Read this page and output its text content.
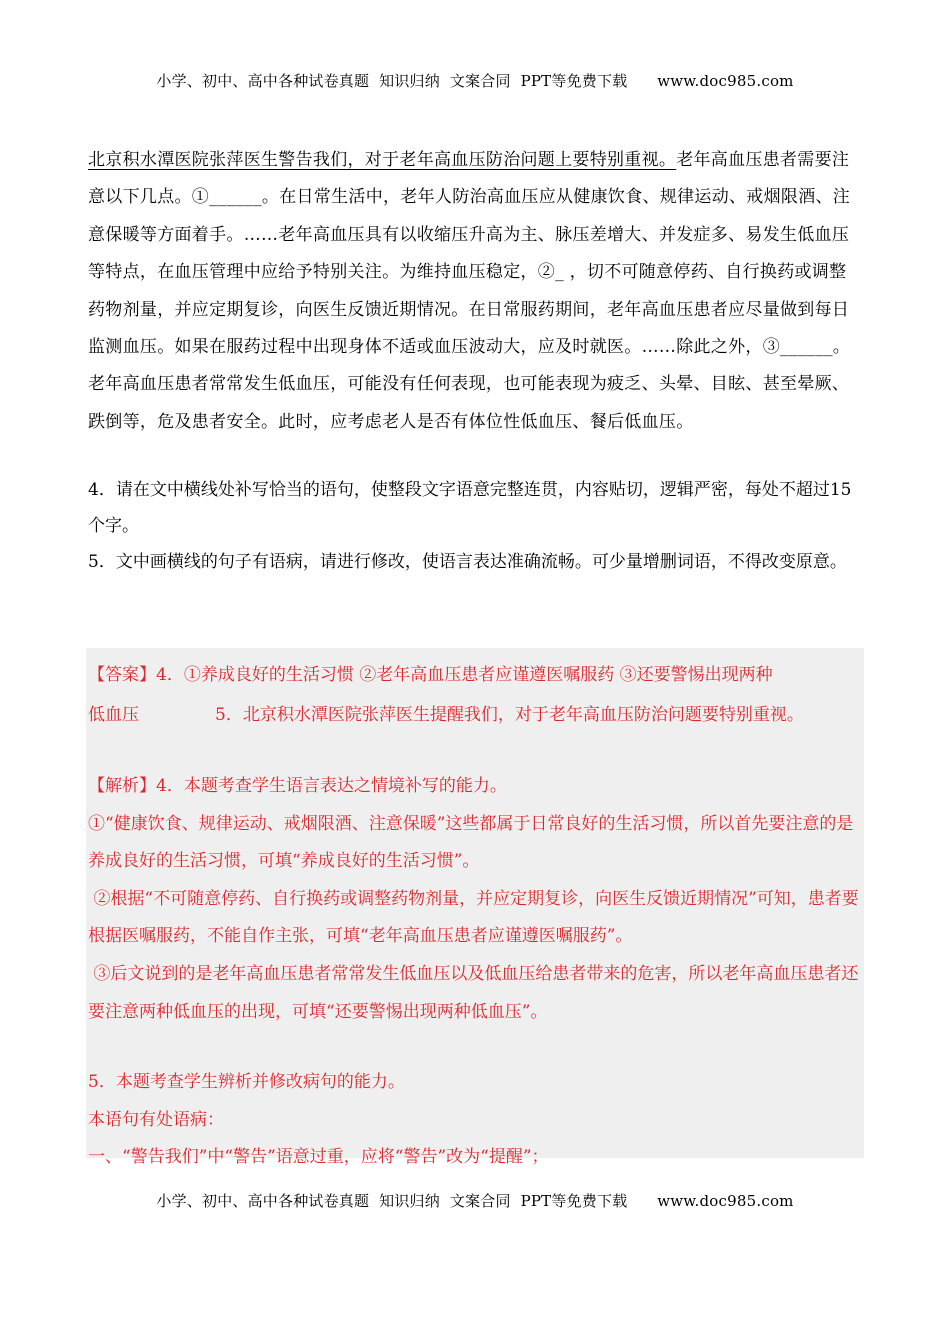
小学、初中、高中各种试卷真题  知识归纳  文案合同  PPT等免费下载      www.doc985.com

北京积水潭医院张萍医生警告我们，对于老年高血压防治问题上要特别重视。老年高血压患者需要注意以下几点。①______。在日常生活中，老年人防治高血压应从健康饮食、规律运动、戒烟限酒、注意保暖等方面着手。……老年高血压具有以收缩压升高为主、脉压差增大、并发症多、易发生低血压等特点，在血压管理中应给予特别关注。为维持血压稳定，②_ ，切不可随意停药、自行换药或调整药物剂量，并应定期复诊，向医生反馈近期情况。在日常服药期间，老年高血压患者应尽量做到每日监测血压。如果在服药过程中出现身体不适或血压波动大，应及时就医。……除此之外，③______。老年高血压患者常常发生低血压，可能没有任何表现，也可能表现为疲乏、头晕、目眩、甚至晕厥、跌倒等，危及患者安全。此时，应考虑老人是否有体位性低血压、餐后低血压。

4．请在文中横线处补写恰当的语句，使整段文字语意完整连贯，内容贴切，逻辑严密，每处不超过15个字。

5．文中画横线的句子有语病，请进行修改，使语言表达准确流畅。可少量增删词语，不得改变原意。

【答案】4．①养成良好的生活习惯 ②老年高血压患者应谨遵医嘱服药 ③还要警惕出现两种

低血压	5．北京积水潭医院张萍医生提醒我们，对于老年高血压防治问题要特别重视。

【解析】4．本题考查学生语言表达之情境补写的能力。

①“健康饮食、规律运动、戒烟限酒、注意保暖”这些都属于日常良好的生活习惯，所以首先要注意的是养成良好的生活习惯，可填“养成良好的生活习惯”。

②根据“不可随意停药、自行换药或调整药物剂量，并应定期复诊，向医生反馈近期情况”可知，患者要根据医嘱服药，不能自作主张，可填“老年高血压患者应谨遵医嘱服药”。

③后文说到的是老年高血压患者常常发生低血压以及低血压给患者带来的危害，所以老年高血压患者还要注意两种低血压的出现，可填“还要警惕出现两种低血压”。

5．本题考查学生辨析并修改病句的能力。

本语句有处语病：

一、“警告我们”中“警告”语意过重，应将“警告”改为“提醒”；

小学、初中、高中各种试卷真题  知识归纳  文案合同  PPT等免费下载      www.doc985.com
